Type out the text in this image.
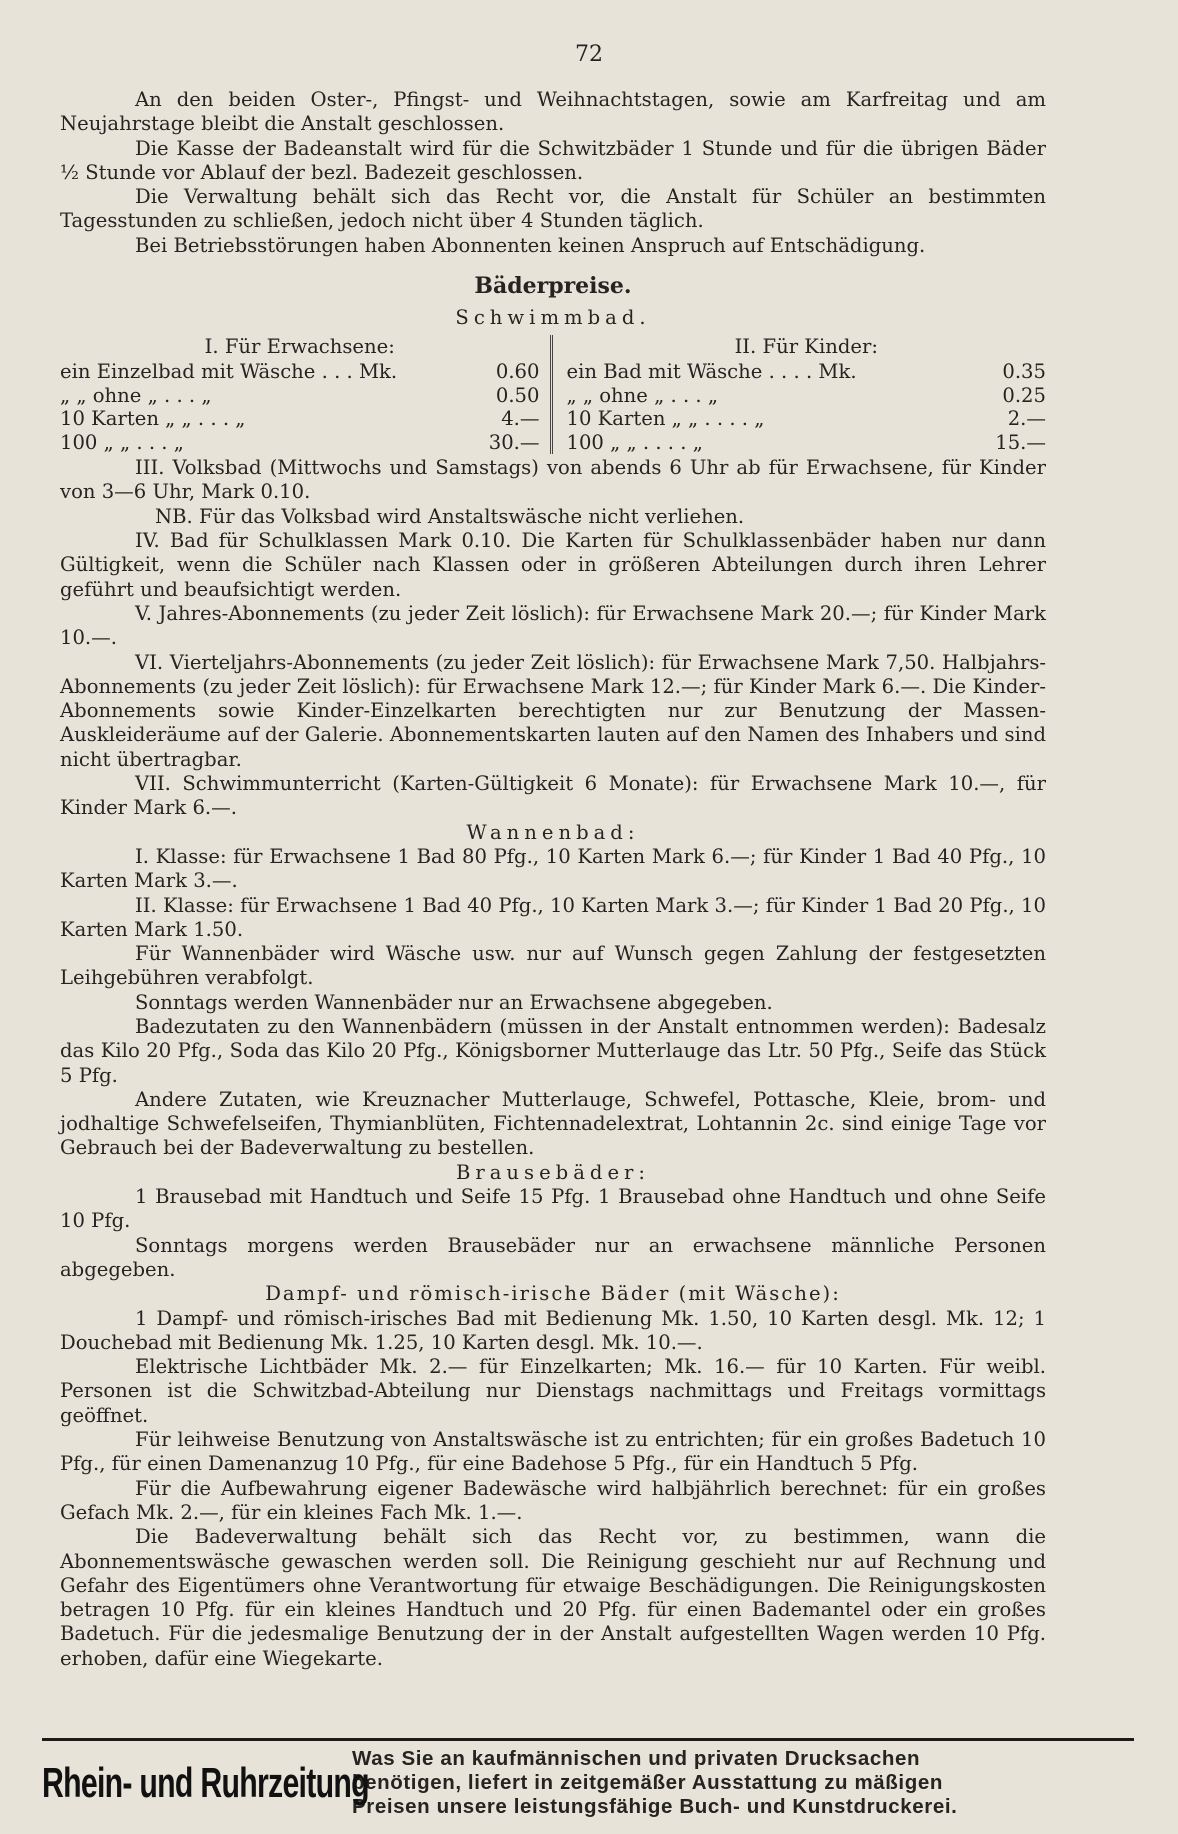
72

An den beiden Oster-, Pfingst- und Weihnachtstagen, sowie am Karfreitag und am Neujahrstage bleibt die Anstalt geschlossen.

Die Kasse der Badeanstalt wird für die Schwitzbäder 1 Stunde und für die übrigen Bäder ½ Stunde vor Ablauf der bezl. Badezeit geschlossen.

Die Verwaltung behält sich das Recht vor, die Anstalt für Schüler an bestimmten Tagesstunden zu schließen, jedoch nicht über 4 Stunden täglich.

Bei Betriebsstörungen haben Abonnenten keinen Anspruch auf Entschädigung.

Bäderpreise.

Schwimmbad.

I. Für Erwachsene:
ein Einzelbad mit Wäsche . . . Mk.	0.60
„ „ ohne „ . . . „	0.50
10 Karten „ „ . . . „	4.—
100 „ „ . . . „	30.—
II. Für Kinder:
ein Bad mit Wäsche . . . . Mk.	0.35
„ „ ohne „ . . . „	0.25
10 Karten „ „ . . . . „	2.—
100 „ „ . . . . „	15.—

III. Volksbad (Mittwochs und Samstags) von abends 6 Uhr ab für Erwachsene, für Kinder von 3—6 Uhr, Mark 0.10.

NB. Für das Volksbad wird Anstaltswäsche nicht verliehen.

IV. Bad für Schulklassen Mark 0.10. Die Karten für Schulklassenbäder haben nur dann Gültigkeit, wenn die Schüler nach Klassen oder in größeren Abteilungen durch ihren Lehrer geführt und beaufsichtigt werden.

V. Jahres-Abonnements (zu jeder Zeit löslich): für Erwachsene Mark 20.—; für Kinder Mark 10.—.

VI. Vierteljahrs-Abonnements (zu jeder Zeit löslich): für Erwachsene Mark 7,50. Halbjahrs-Abonnements (zu jeder Zeit löslich): für Erwachsene Mark 12.—; für Kinder Mark 6.—. Die Kinder-Abonnements sowie Kinder-Einzelkarten berechtigten nur zur Benutzung der Massen-Auskleideräume auf der Galerie. Abonnementskarten lauten auf den Namen des Inhabers und sind nicht übertragbar.

VII. Schwimmunterricht (Karten-Gültigkeit 6 Monate): für Erwachsene Mark 10.—, für Kinder Mark 6.—.

Wannenbad:

I. Klasse: für Erwachsene 1 Bad 80 Pfg., 10 Karten Mark 6.—; für Kinder 1 Bad 40 Pfg., 10 Karten Mark 3.—.

II. Klasse: für Erwachsene 1 Bad 40 Pfg., 10 Karten Mark 3.—; für Kinder 1 Bad 20 Pfg., 10 Karten Mark 1.50.

Für Wannenbäder wird Wäsche usw. nur auf Wunsch gegen Zahlung der festgesetzten Leihgebühren verabfolgt.

Sonntags werden Wannenbäder nur an Erwachsene abgegeben.

Badezutaten zu den Wannenbädern (müssen in der Anstalt entnommen werden): Badesalz das Kilo 20 Pfg., Soda das Kilo 20 Pfg., Königsborner Mutterlauge das Ltr. 50 Pfg., Seife das Stück 5 Pfg.

Andere Zutaten, wie Kreuznacher Mutterlauge, Schwefel, Pottasche, Kleie, brom- und jodhaltige Schwefelseifen, Thymianblüten, Fichtennadelextrat, Lohtannin 2c. sind einige Tage vor Gebrauch bei der Badeverwaltung zu bestellen.

Brausebäder:

1 Brausebad mit Handtuch und Seife 15 Pfg. 1 Brausebad ohne Handtuch und ohne Seife 10 Pfg.

Sonntags morgens werden Brausebäder nur an erwachsene männliche Personen abgegeben.

Dampf- und römisch-irische Bäder (mit Wäsche):

1 Dampf- und römisch-irisches Bad mit Bedienung Mk. 1.50, 10 Karten desgl. Mk. 12; 1 Douchebad mit Bedienung Mk. 1.25, 10 Karten desgl. Mk. 10.—.

Elektrische Lichtbäder Mk. 2.— für Einzelkarten; Mk. 16.— für 10 Karten. Für weibl. Personen ist die Schwitzbad-Abteilung nur Dienstags nachmittags und Freitags vormittags geöffnet.

Für leihweise Benutzung von Anstaltswäsche ist zu entrichten; für ein großes Badetuch 10 Pfg., für einen Damenanzug 10 Pfg., für eine Badehose 5 Pfg., für ein Handtuch 5 Pfg.

Für die Aufbewahrung eigener Badewäsche wird halbjährlich berechnet: für ein großes Gefach Mk. 2.—, für ein kleines Fach Mk. 1.—.

Die Badeverwaltung behält sich das Recht vor, zu bestimmen, wann die Abonnementswäsche gewaschen werden soll. Die Reinigung geschieht nur auf Rechnung und Gefahr des Eigentümers ohne Verantwortung für etwaige Beschädigungen. Die Reinigungskosten betragen 10 Pfg. für ein kleines Handtuch und 20 Pfg. für einen Bademantel oder ein großes Badetuch. Für die jedesmalige Benutzung der in der Anstalt aufgestellten Wagen werden 10 Pfg. erhoben, dafür eine Wiegekarte.

Rhein- und Ruhrzeitung
Was Sie an kaufmännischen und privaten Drucksachen
benötigen, liefert in zeitgemäßer Ausstattung zu mäßigen
Preisen unsere leistungsfähige Buch- und Kunstdruckerei.
